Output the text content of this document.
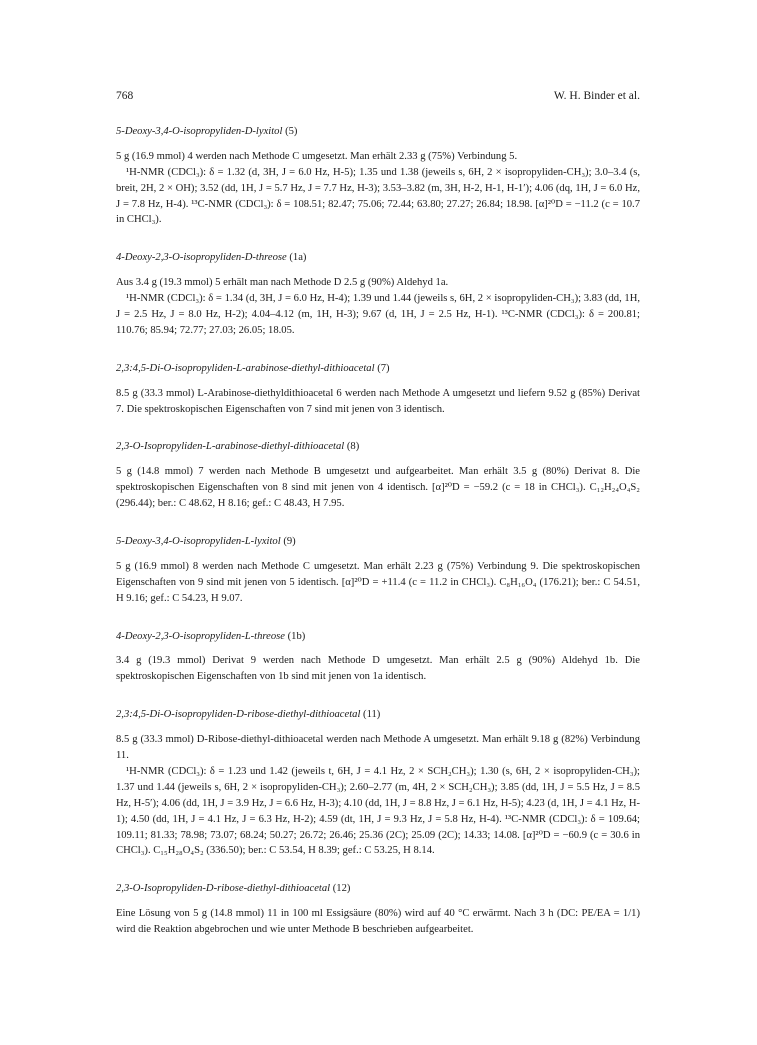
768	W. H. Binder et al.

5-Deoxy-3,4-O-isopropyliden-D-lyxitol (5)

5 g (16.9 mmol) 4 werden nach Methode C umgesetzt. Man erhält 2.33 g (75%) Verbindung 5.

¹H-NMR (CDCl₃): δ = 1.32 (d, 3H, J = 6.0 Hz, H-5); 1.35 und 1.38 (jeweils s, 6H, 2 × isopropyliden-CH₃); 3.0–3.4 (s, breit, 2H, 2 × OH); 3.52 (dd, 1H, J = 5.7 Hz, J = 7.7 Hz, H-3); 3.53–3.82 (m, 3H, H-2, H-1, H-1′); 4.06 (dq, 1H, J = 6.0 Hz, J = 7.8 Hz, H-4). ¹³C-NMR (CDCl₃): δ = 108.51; 82.47; 75.06; 72.44; 63.80; 27.27; 26.84; 18.98. [α]²⁰D = −11.2 (c = 10.7 in CHCl₃).

4-Deoxy-2,3-O-isopropyliden-D-threose (1a)

Aus 3.4 g (19.3 mmol) 5 erhält man nach Methode D 2.5 g (90%) Aldehyd 1a.

¹H-NMR (CDCl₃): δ = 1.34 (d, 3H, J = 6.0 Hz, H-4); 1.39 und 1.44 (jeweils s, 6H, 2 × isopropyliden-CH₃); 3.83 (dd, 1H, J = 2.5 Hz, J = 8.0 Hz, H-2); 4.04–4.12 (m, 1H, H-3); 9.67 (d, 1H, J = 2.5 Hz, H-1). ¹³C-NMR (CDCl₃): δ = 200.81; 110.76; 85.94; 72.77; 27.03; 26.05; 18.05.

2,3:4,5-Di-O-isopropyliden-L-arabinose-diethyl-dithioacetal (7)

8.5 g (33.3 mmol) L-Arabinose-diethyldithioacetal 6 werden nach Methode A umgesetzt und liefern 9.52 g (85%) Derivat 7. Die spektroskopischen Eigenschaften von 7 sind mit jenen von 3 identisch.

2,3-O-Isopropyliden-L-arabinose-diethyl-dithioacetal (8)

5 g (14.8 mmol) 7 werden nach Methode B umgesetzt und aufgearbeitet. Man erhält 3.5 g (80%) Derivat 8. Die spektroskopischen Eigenschaften von 8 sind mit jenen von 4 identisch. [α]²⁰D = −59.2 (c = 18 in CHCl₃). C₁₂H₂₄O₄S₂ (296.44); ber.: C 48.62, H 8.16; gef.: C 48.43, H 7.95.

5-Deoxy-3,4-O-isopropyliden-L-lyxitol (9)

5 g (16.9 mmol) 8 werden nach Methode C umgesetzt. Man erhält 2.23 g (75%) Verbindung 9. Die spektroskopischen Eigenschaften von 9 sind mit jenen von 5 identisch. [α]²⁰D = +11.4 (c = 11.2 in CHCl₃). C₈H₁₆O₄ (176.21); ber.: C 54.51, H 9.16; gef.: C 54.23, H 9.07.

4-Deoxy-2,3-O-isopropyliden-L-threose (1b)

3.4 g (19.3 mmol) Derivat 9 werden nach Methode D umgesetzt. Man erhält 2.5 g (90%) Aldehyd 1b. Die spektroskopischen Eigenschaften von 1b sind mit jenen von 1a identisch.

2,3:4,5-Di-O-isopropyliden-D-ribose-diethyl-dithioacetal (11)

8.5 g (33.3 mmol) D-Ribose-diethyl-dithioacetal werden nach Methode A umgesetzt. Man erhält 9.18 g (82%) Verbindung 11.

¹H-NMR (CDCl₃): δ = 1.23 und 1.42 (jeweils t, 6H, J = 4.1 Hz, 2 × SCH₂CH₃); 1.30 (s, 6H, 2 × isopropyliden-CH₃); 1.37 und 1.44 (jeweils s, 6H, 2 × isopropyliden-CH₃); 2.60–2.77 (m, 4H, 2 × SCH₂CH₃); 3.85 (dd, 1H, J = 5.5 Hz, J = 8.5 Hz, H-5′); 4.06 (dd, 1H, J = 3.9 Hz, J = 6.6 Hz, H-3); 4.10 (dd, 1H, J = 8.8 Hz, J = 6.1 Hz, H-5); 4.23 (d, 1H, J = 4.1 Hz, H-1); 4.50 (dd, 1H, J = 4.1 Hz, J = 6.3 Hz, H-2); 4.59 (dt, 1H, J = 9.3 Hz, J = 5.8 Hz, H-4). ¹³C-NMR (CDCl₃): δ = 109.64; 109.11; 81.33; 78.98; 73.07; 68.24; 50.27; 26.72; 26.46; 25.36 (2C); 25.09 (2C); 14.33; 14.08. [α]²⁰D = −60.9 (c = 30.6 in CHCl₃). C₁₅H₂₈O₄S₂ (336.50); ber.: C 53.54, H 8.39; gef.: C 53.25, H 8.14.

2,3-O-Isopropyliden-D-ribose-diethyl-dithioacetal (12)

Eine Lösung von 5 g (14.8 mmol) 11 in 100 ml Essigsäure (80%) wird auf 40 °C erwärmt. Nach 3 h (DC: PE/EA = 1/1) wird die Reaktion abgebrochen und wie unter Methode B beschrieben aufgearbeitet.
